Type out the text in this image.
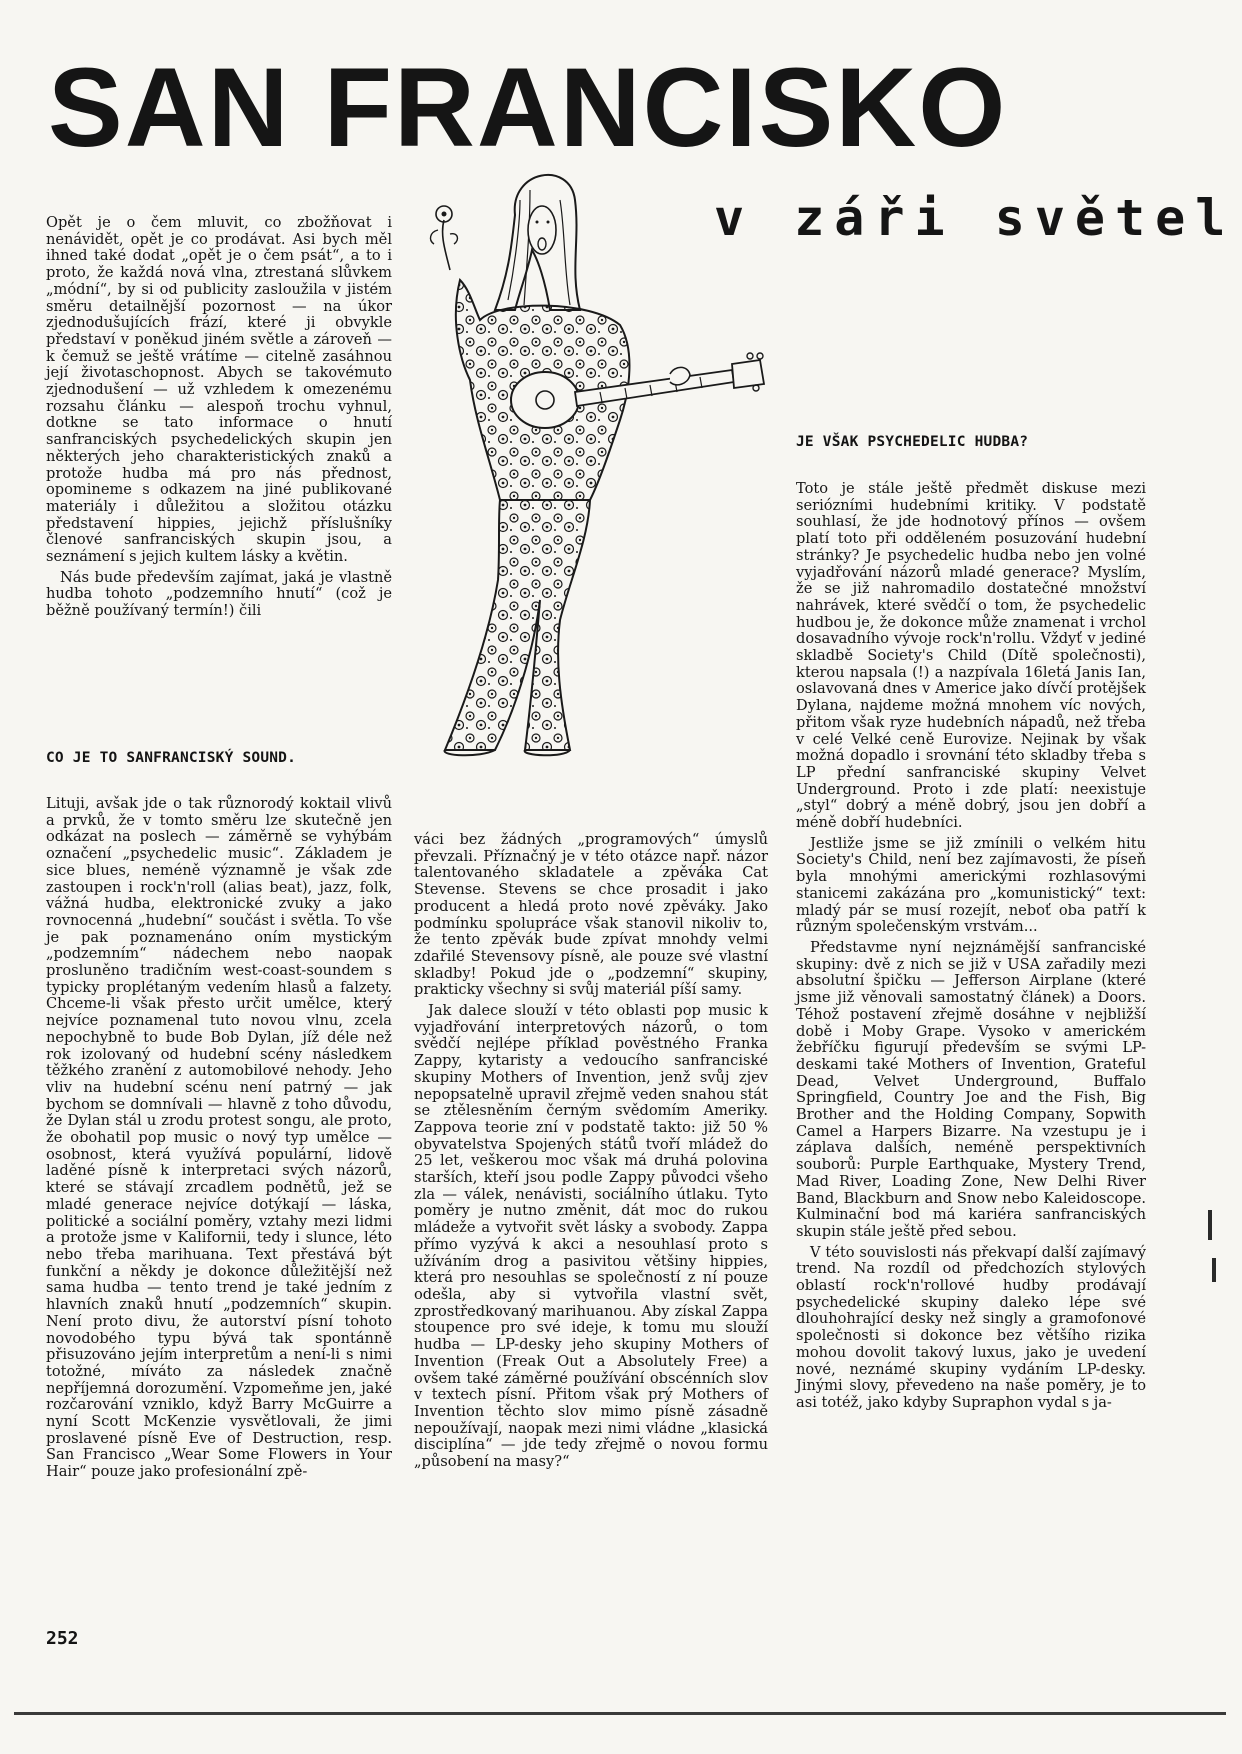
SAN FRANCISKO
v záři světel

Opět je o čem mluvit, co zbožňovat i nenávidět, opět je co prodávat. Asi bych měl ihned také dodat „opět je o čem psát“, a to i proto, že každá nová vlna, ztrestaná slůvkem „módní“, by si od publicity zasloužila v jistém směru detailnější pozornost — na úkor zjednodušujících frází, které ji obvykle představí v poněkud jiném světle a zároveň — k čemuž se ještě vrátíme — citelně zasáhnou její životaschopnost. Abych se takovémuto zjednodušení — už vzhledem k omezenému rozsahu článku — alespoň trochu vyhnul, dotkne se tato informace o hnutí sanfranciských psychedelických skupin jen některých jeho charakteristických znaků a protože hudba má pro nás přednost, opomineme s odkazem na jiné publikované materiály i důležitou a složitou otázku představení hippies, jejichž příslušníky členové sanfranciských skupin jsou, a seznámení s jejich kultem lásky a květin.

Nás bude především zajímat, jaká je vlastně hudba tohoto „podzemního hnutí“ (což je běžně používaný termín!) čili

CO JE TO SANFRANCISKÝ SOUND.

Lituji, avšak jde o tak různorodý koktail vlivů a prvků, že v tomto směru lze skutečně jen odkázat na poslech — záměrně se vyhýbám označení „psychedelic music“. Základem je sice blues, neméně významně je však zde zastoupen i rock'n'roll (alias beat), jazz, folk, vážná hudba, elektronické zvuky a jako rovnocenná „hudební“ součást i světla. To vše je pak poznamenáno oním mystickým „podzemním“ nádechem nebo naopak prosluněno tradičním west-coast-soundem s typicky proplétaným vedením hlasů a falzety. Chceme-li však přesto určit umělce, který nejvíce poznamenal tuto novou vlnu, zcela nepochybně to bude Bob Dylan, jíž déle než rok izolovaný od hudební scény následkem těžkého zranění z automobilové nehody. Jeho vliv na hudební scénu není patrný — jak bychom se domnívali — hlavně z toho důvodu, že Dylan stál u zrodu protest songu, ale proto, že obohatil pop music o nový typ umělce — osobnost, která využívá populární, lidově laděné písně k interpretaci svých názorů, které se stávají zrcadlem podnětů, jež se mladé generace nejvíce dotýkají — láska, politické a sociální poměry, vztahy mezi lidmi a protože jsme v Kalifornii, tedy i slunce, léto nebo třeba marihuana. Text přestává být funkční a někdy je dokonce důležitější než sama hudba — tento trend je také jedním z hlavních znaků hnutí „podzemních“ skupin. Není proto divu, že autorství písní tohoto novodobého typu bývá tak spontánně přisuzováno jejím interpretům a není-li s nimi totožné, míváto za následek značně nepříjemná dorozumění. Vzpomeňme jen, jaké rozčarování vzniklo, když Barry McGuirre a nyní Scott McKenzie vysvětlovali, že jimi proslavené písně Eve of Destruction, resp. San Francisco „Wear Some Flowers in Your Hair“ pouze jako profesionální zpě-

váci bez žádných „programových“ úmyslů převzali. Příznačný je v této otázce např. názor talentovaného skladatele a zpěváka Cat Stevense. Stevens se chce prosadit i jako producent a hledá proto nové zpěváky. Jako podmínku spolupráce však stanovil nikoliv to, že tento zpěvák bude zpívat mnohdy velmi zdařilé Stevensovy písně, ale pouze své vlastní skladby! Pokud jde o „podzemní“ skupiny, prakticky všechny si svůj materiál píší samy.

Jak dalece slouží v této oblasti pop music k vyjadřování interpretových názorů, o tom svědčí nejlépe příklad pověstného Franka Zappy, kytaristy a vedoucího sanfranciské skupiny Mothers of Invention, jenž svůj zjev nepopsatelně upravil zřejmě veden snahou stát se ztělesněním černým svědomím Ameriky. Zappova teorie zní v podstatě takto: již 50 % obyvatelstva Spojených států tvoří mládež do 25 let, veškerou moc však má druhá polovina starších, kteří jsou podle Zappy původci všeho zla — válek, nenávisti, sociálního útlaku. Tyto poměry je nutno změnit, dát moc do rukou mládeže a vytvořit svět lásky a svobody. Zappa přímo vyzývá k akci a nesouhlasí proto s užíváním drog a pasivitou většiny hippies, která pro nesouhlas se společností z ní pouze odešla, aby si vytvořila vlastní svět, zprostředkovaný marihuanou. Aby získal Zappa stoupence pro své ideje, k tomu mu slouží hudba — LP-desky jeho skupiny Mothers of Invention (Freak Out a Absolutely Free) a ovšem také záměrné používání obscénních slov v textech písní. Přitom však prý Mothers of Invention těchto slov mimo písně zásadně nepoužívají, naopak mezi nimi vládne „klasická disciplína“ — jde tedy zřejmě o novou formu „působení na masy?“

JE VŠAK PSYCHEDELIC HUDBA?

Toto je stále ještě předmět diskuse mezi seriózními hudebními kritiky. V podstatě souhlasí, že jde hodnotový přínos — ovšem platí toto při odděleném posuzování hudební stránky? Je psychedelic hudba nebo jen volné vyjadřování názorů mladé generace? Myslím, že se již nahromadilo dostatečné množství nahrávek, které svědčí o tom, že psychedelic hudbou je, že dokonce může znamenat i vrchol dosavadního vývoje rock'n'rollu. Vždyť v jediné skladbě Society's Child (Dítě společnosti), kterou napsala (!) a nazpívala 16letá Janis Ian, oslavovaná dnes v Americe jako dívčí protějšek Dylana, najdeme možná mnohem víc nových, přitom však ryze hudebních nápadů, než třeba v celé Velké ceně Eurovize. Nejinak by však možná dopadlo i srovnání této skladby třeba s LP přední sanfranciské skupiny Velvet Underground. Proto i zde platí: neexistuje „styl“ dobrý a méně dobrý, jsou jen dobří a méně dobří hudebníci.

Jestliže jsme se již zmínili o velkém hitu Society's Child, není bez zajímavosti, že píseň byla mnohými americkými rozhlasovými stanicemi zakázána pro „komunistický“ text: mladý pár se musí rozejít, neboť oba patří k různým společenským vrstvám...

Představme nyní nejznámější sanfranciské skupiny: dvě z nich se již v USA zařadily mezi absolutní špičku — Jefferson Airplane (které jsme již věnovali samostatný článek) a Doors. Téhož postavení zřejmě dosáhne v nejbližší době i Moby Grape. Vysoko v americkém žebříčku figurují především se svými LP-deskami také Mothers of Invention, Grateful Dead, Velvet Underground, Buffalo Springfield, Country Joe and the Fish, Big Brother and the Holding Company, Sopwith Camel a Harpers Bizarre. Na vzestupu je i záplava dalších, neméně perspektivních souborů: Purple Earthquake, Mystery Trend, Mad River, Loading Zone, New Delhi River Band, Blackburn and Snow nebo Kaleidoscope. Kulminační bod má kariéra sanfranciských skupin stále ještě před sebou.

V této souvislosti nás překvapí další zajímavý trend. Na rozdíl od předchozích stylových oblastí rock'n'rollové hudby prodávají psychedelické skupiny daleko lépe své dlouhohrající desky než singly a gramofonové společnosti si dokonce bez většího rizika mohou dovolit takový luxus, jako je uvedení nové, neznámé skupiny vydáním LP-desky. Jinými slovy, převedeno na naše poměry, je to asi totéž, jako kdyby Supraphon vydal s ja-

252
